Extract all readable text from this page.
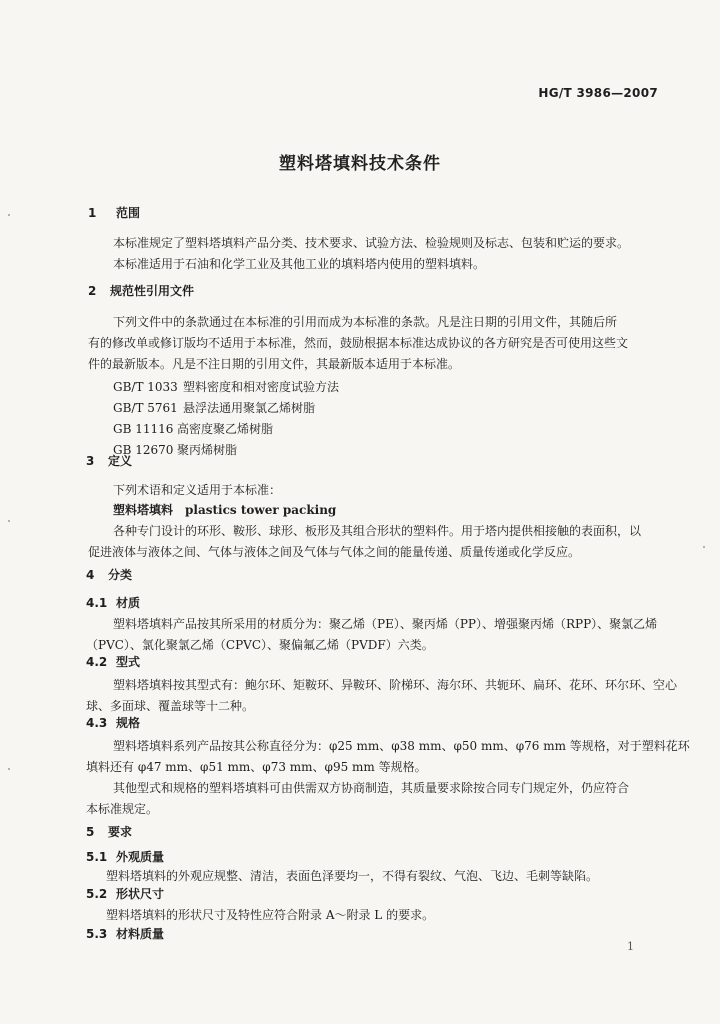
HG/T 3986—2007
塑料塔填料技术条件
1 范围
本标准规定了塑料塔填料产品分类、技术要求、试验方法、检验规则及标志、包装和贮运的要求。
本标准适用于石油和化学工业及其他工业的填料塔内使用的塑料填料。
2 规范性引用文件
下列文件中的条款通过在本标准的引用而成为本标准的条款。凡是注日期的引用文件，其随后所
有的修改单或修订版均不适用于本标准，然而，鼓励根据本标准达成协议的各方研究是否可使用这些文
件的最新版本。凡是不注日期的引用文件，其最新版本适用于本标准。
GB/T 1033 塑料密度和相对密度试验方法
GB/T 5761 悬浮法通用聚氯乙烯树脂
GB 11116 高密度聚乙烯树脂
GB 12670 聚丙烯树脂
3 定义
下列术语和定义适用于本标准：
塑料塔填料 plastics tower packing
各种专门设计的环形、鞍形、球形、板形及其组合形状的塑料件。用于塔内提供相接触的表面积，以
促进液体与液体之间、气体与液体之间及气体与气体之间的能量传递、质量传递或化学反应。
4 分类
4.1 材质
塑料塔填料产品按其所采用的材质分为：聚乙烯（PE）、聚丙烯（PP）、增强聚丙烯（RPP）、聚氯乙烯
（PVC）、氯化聚氯乙烯（CPVC）、聚偏氟乙烯（PVDF）六类。
4.2 型式
塑料塔填料按其型式有：鲍尔环、矩鞍环、异鞍环、阶梯环、海尔环、共轭环、扁环、花环、环尔环、空心
球、多面球、覆盖球等十二种。
4.3 规格
塑料塔填料系列产品按其公称直径分为：φ25 mm、φ38 mm、φ50 mm、φ76 mm 等规格，对于塑料花环
填料还有 φ47 mm、φ51 mm、φ73 mm、φ95 mm 等规格。
其他型式和规格的塑料塔填料可由供需双方协商制造，其质量要求除按合同专门规定外，仍应符合
本标准规定。
5 要求
5.1 外观质量
塑料塔填料的外观应规整、清洁，表面色泽要均一，不得有裂纹、气泡、飞边、毛刺等缺陷。
5.2 形状尺寸
塑料塔填料的形状尺寸及特性应符合附录 A～附录 L 的要求。
5.3 材料质量
1
